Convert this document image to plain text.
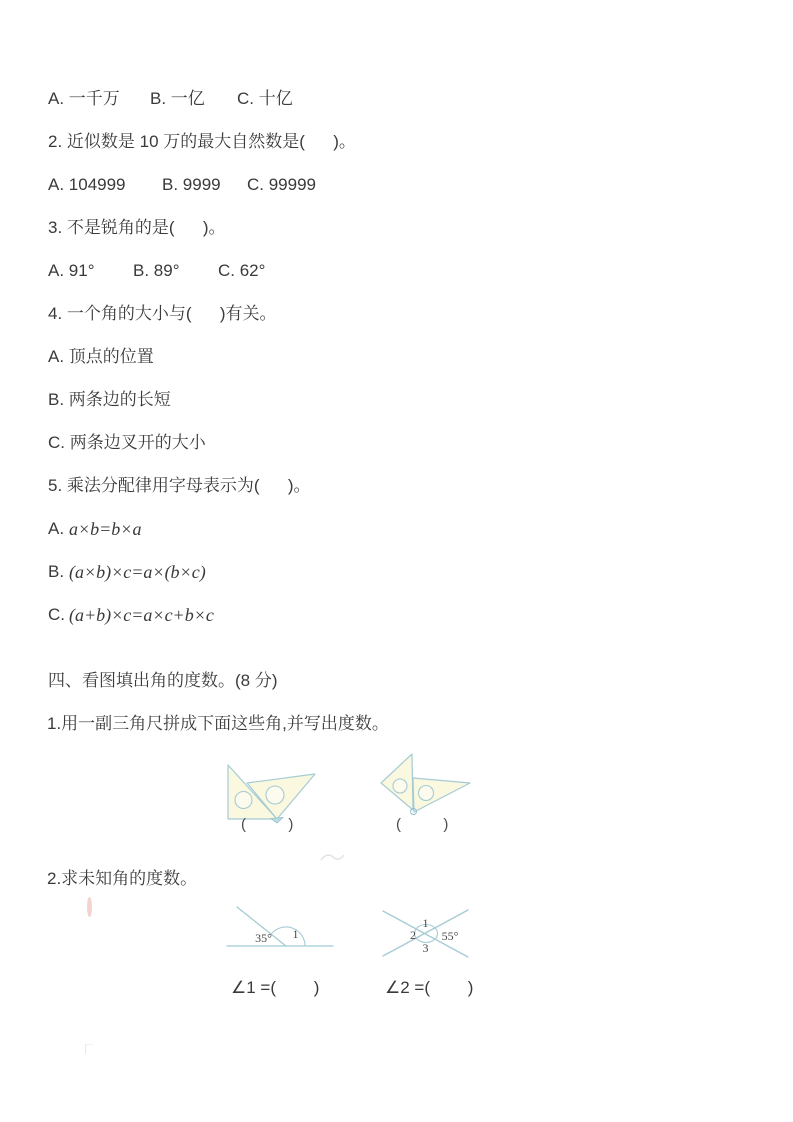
A. 一千万 B. 一亿 C. 十亿
2. 近似数是 10 万的最大自然数是(      )。
A. 104999 B. 9999 C. 99999
3. 不是锐角的是(      )。
A. 91° B. 89° C. 62°
4. 一个角的大小与(      )有关。
A. 顶点的位置
B. 两条边的长短
C. 两条边叉开的大小
5. 乘法分配律用字母表示为(      )。
A. a×b=b×a
B. (a×b)×c=a×(b×c)
C. (a+b)×c=a×c+b×c
四、看图填出角的度数。(8 分)
1.用一副三角尺拼成下面这些角,并写出度数。
(        )	(        )
2.求未知角的度数。
35° 1
1
2 55°
3
∠1 =(        )	∠2 =(        )
